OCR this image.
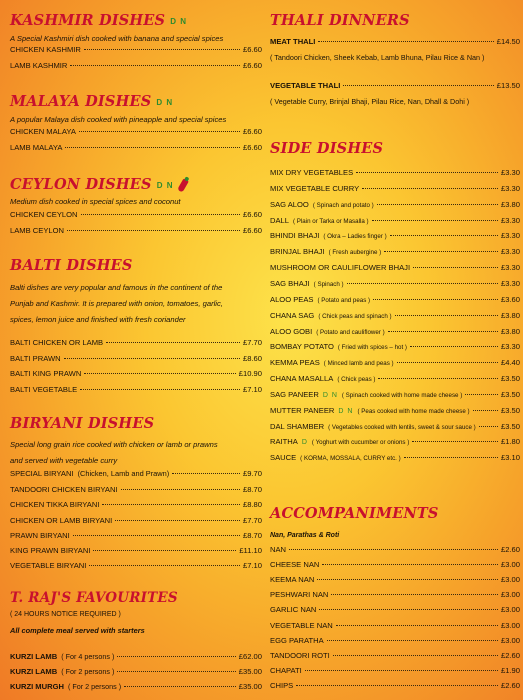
KASHMIR DISHES D N
A Special Kashmiri dish cooked with banana and special spices
CHICKEN KASHMIR	£6.60
LAMB KASHMIR	£6.60
MALAYA DISHES D N
A popular Malaya dish cooked with pineapple and special spices
CHICKEN MALAYA	£6.60
LAMB MALAYA	£6.60
CEYLON DISHES D N
Medium dish cooked in special spices and coconut
CHICKEN CEYLON	£6.60
LAMB CEYLON	£6.60
BALTI DISHES
Balti dishes are very popular and famous in the continent of the
Punjab and Kashmir. It is prepared with onion, tomatoes, garlic,
spices, lemon juice and finished with fresh coriander
BALTI CHICKEN OR LAMB	£7.70
BALTI PRAWN	£8.60
BALTI KING PRAWN	£10.90
BALTI VEGETABLE	£7.10
BIRYANI DISHES
Special long grain rice cooked with chicken or lamb or prawns
and served with vegetable curry
SPECIAL BIRYANI (Chicken, Lamb and Prawn)	£9.70
TANDOORI CHICKEN BIRYANI	£8.70
CHICKEN TIKKA BIRYANI	£8.80
CHICKEN OR LAMB BIRYANI	£7.70
PRAWN BIRYANI	£8.70
KING PRAWN BIRYANI	£11.10
VEGETABLE BIRYANI	£7.10
T. RAJ'S FAVOURITES
( 24 HOURS NOTICE REQUIRED )
All complete meal served with starters
KURZI LAMB ( For 4 persons )	£62.00
KURZI LAMB ( For 2 persons )	£35.00
KURZI MURGH ( For 2 persons )	£35.00
THALI DINNERS
MEAT THALI	£14.50
( Tandoori Chicken, Sheek Kebab, Lamb Bhuna, Pilau Rice & Nan )
VEGETABLE THALI	£13.50
( Vegetable Curry, Brinjal Bhaji, Pilau Rice, Nan, Dhall & Dohi )
SIDE DISHES
MIX DRY VEGETABLES	£3.30
MIX VEGETABLE CURRY	£3.30
SAG ALOO ( Spinach and potato )	£3.80
DALL ( Plain or Tarka or Masalla )	£3.30
BHINDI BHAJI ( Okra – Ladies finger )	£3.30
BRINJAL BHAJI ( Fresh aubergine )	£3.30
MUSHROOM OR CAULIFLOWER BHAJI	£3.30
SAG BHAJI ( Spinach )	£3.30
ALOO PEAS ( Potato and peas )	£3.60
CHANA SAG ( Chick peas and spinach )	£3.80
ALOO GOBI ( Potato and cauliflower )	£3.80
BOMBAY POTATO ( Fried with spices – hot )	£3.30
KEMMA PEAS ( Minced lamb and peas )	£4.40
CHANA MASALLA ( Chick peas )	£3.50
SAG PANEER D N ( Spinach cooked with home made cheese )	£3.50
MUTTER PANEER D N ( Peas cooked with home made cheese )	£3.50
DAL SHAMBER ( Vegetables cooked with lentils, sweet & sour sauce )	£3.50
RAITHA D ( Yoghurt with cucumber or onions )	£1.80
SAUCE ( KORMA, MOSSALA, CURRY etc. )	£3.10
ACCOMPANIMENTS
Nan, Parathas & Roti
NAN	£2.60
CHEESE NAN	£3.00
KEEMA NAN	£3.00
PESHWARI NAN	£3.00
GARLIC NAN	£3.00
VEGETABLE NAN	£3.00
EGG PARATHA	£3.00
TANDOORI ROTI	£2.60
CHAPATI	£1.90
CHIPS	£2.60
